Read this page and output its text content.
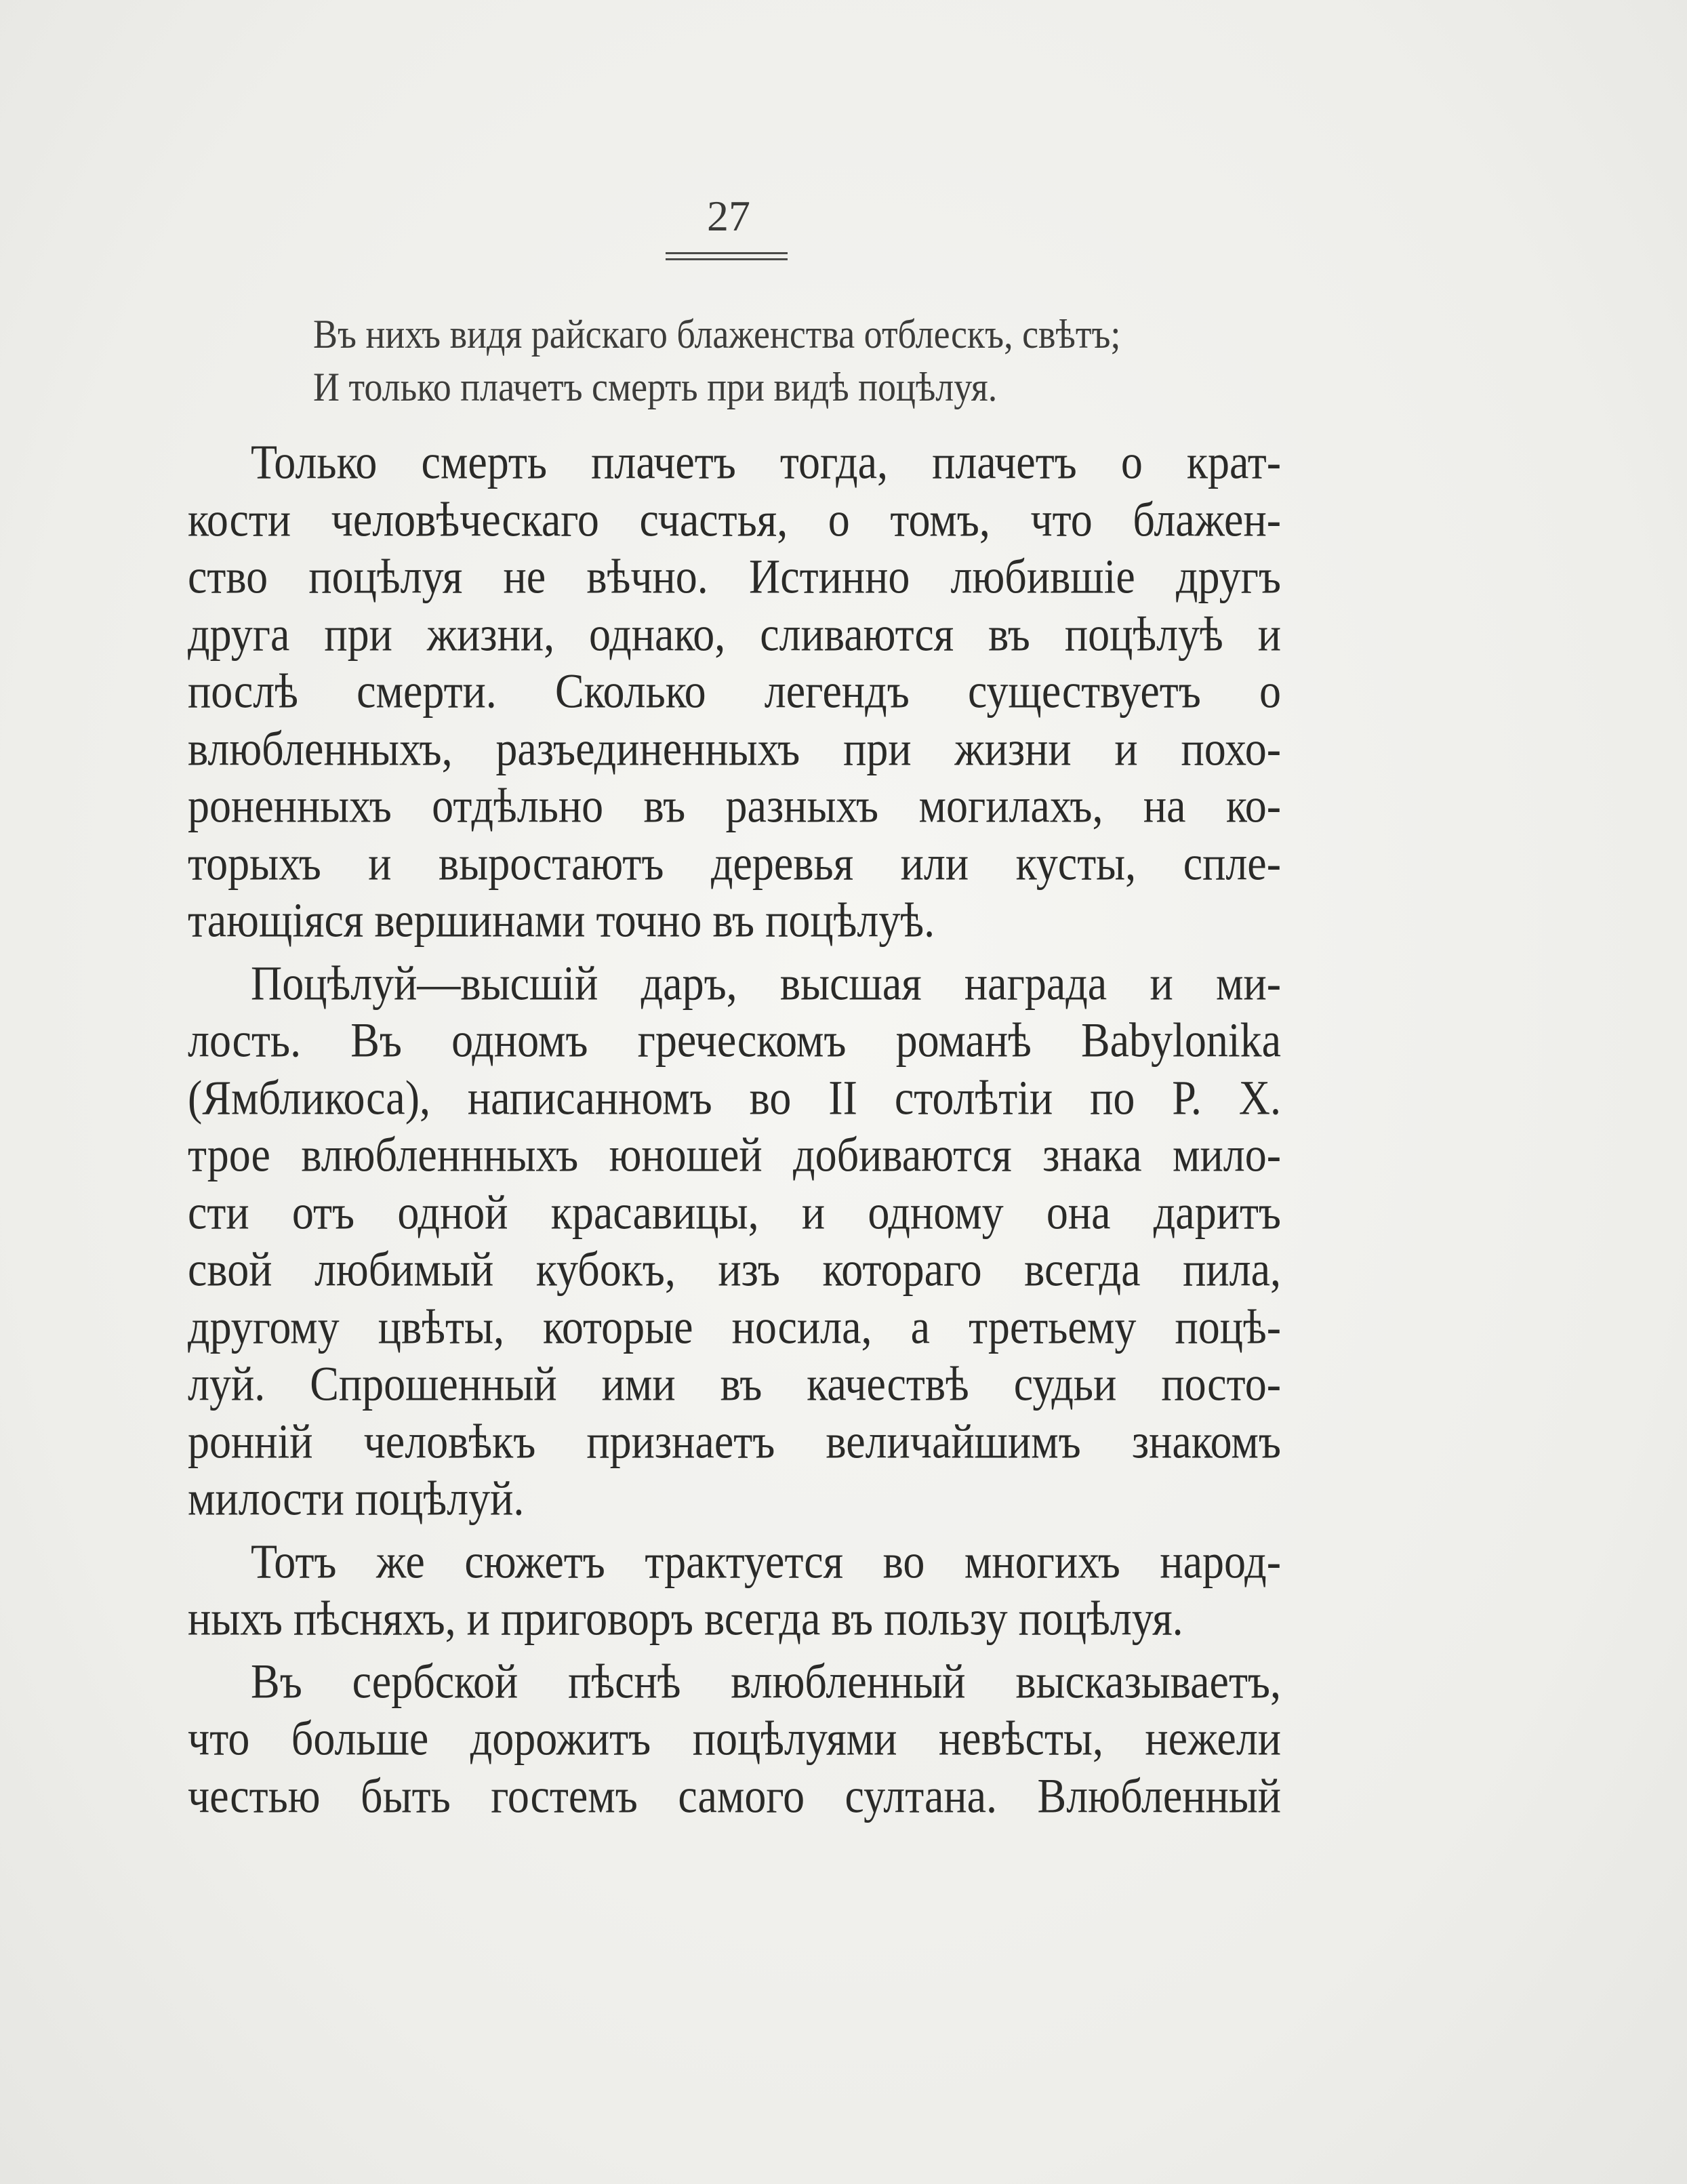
27
Въ нихъ видя райскаго блаженства отблескъ, свѣтъ;
И только плачетъ смерть при видѣ поцѣлуя.
Только смерть плачетъ тогда, плачетъ о крат-
кости человѣческаго счастья, о томъ, что блажен-
ство поцѣлуя не вѣчно. Истинно любившіе другъ
друга при жизни, однако, сливаются въ поцѣлуѣ и
послѣ смерти. Сколько легендъ существуетъ о
влюбленныхъ, разъединенныхъ при жизни и похо-
роненныхъ отдѣльно въ разныхъ могилахъ, на ко-
торыхъ и выростаютъ деревья или кусты, спле-
тающіяся вершинами точно въ поцѣлуѣ.
Поцѣлуй—высшій даръ, высшая награда и ми-
лость. Въ одномъ греческомъ романѣ Babylonika
(Ямбликоса), написанномъ во II столѣтіи по Р. Х.
трое влюбленнныхъ юношей добиваются знака мило-
сти отъ одной красавицы, и одному она даритъ
свой любимый кубокъ, изъ котораго всегда пила,
другому цвѣты, которые носила, а третьему поцѣ-
луй. Спрошенный ими въ качествѣ судьи посто-
ронній человѣкъ признаетъ величайшимъ знакомъ
милости поцѣлуй.
Тотъ же сюжетъ трактуется во многихъ народ-
ныхъ пѣсняхъ, и приговоръ всегда въ пользу поцѣлуя.
Въ сербской пѣснѣ влюбленный высказываетъ,
что больше дорожитъ поцѣлуями невѣсты, нежели
честью быть гостемъ самого султана. Влюбленный
